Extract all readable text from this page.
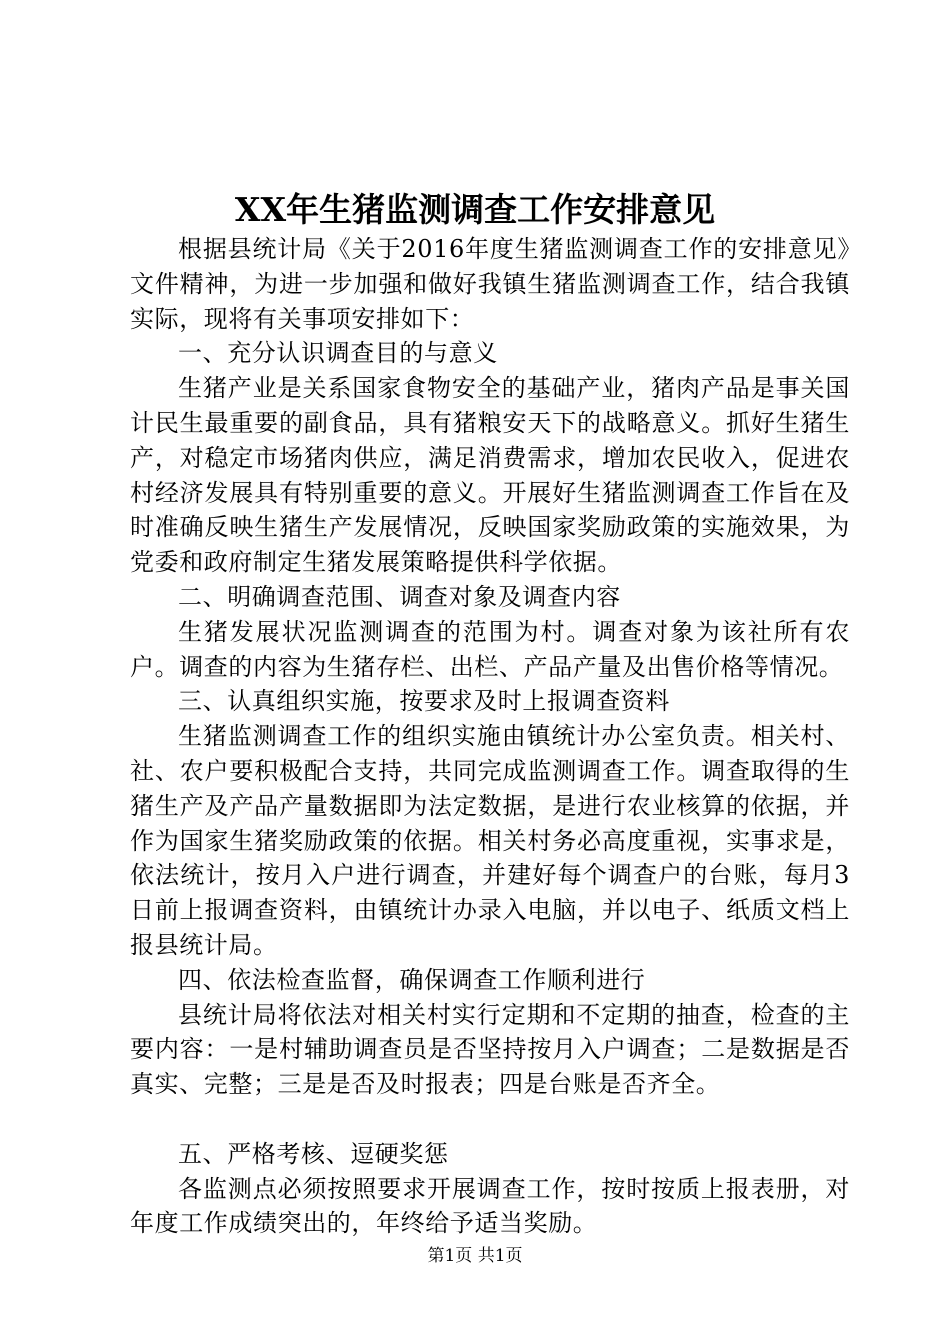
XX年生猪监测调查工作安排意见

根据县统计局《关于2016年度生猪监测调查工作的安排意见》文件精神，为进一步加强和做好我镇生猪监测调查工作，结合我镇实际，现将有关事项安排如下：

一、充分认识调查目的与意义

生猪产业是关系国家食物安全的基础产业，猪肉产品是事关国计民生最重要的副食品，具有猪粮安天下的战略意义。抓好生猪生产，对稳定市场猪肉供应，满足消费需求，增加农民收入，促进农村经济发展具有特别重要的意义。开展好生猪监测调查工作旨在及时准确反映生猪生产发展情况，反映国家奖励政策的实施效果，为党委和政府制定生猪发展策略提供科学依据。

二、明确调查范围、调查对象及调查内容

生猪发展状况监测调查的范围为村。调查对象为该社所有农户。调查的内容为生猪存栏、出栏、产品产量及出售价格等情况。

三、认真组织实施，按要求及时上报调查资料

生猪监测调查工作的组织实施由镇统计办公室负责。相关村、社、农户要积极配合支持，共同完成监测调查工作。调查取得的生猪生产及产品产量数据即为法定数据，是进行农业核算的依据，并作为国家生猪奖励政策的依据。相关村务必高度重视，实事求是，依法统计，按月入户进行调查，并建好每个调查户的台账，每月3日前上报调查资料，由镇统计办录入电脑，并以电子、纸质文档上报县统计局。

四、依法检查监督，确保调查工作顺利进行

县统计局将依法对相关村实行定期和不定期的抽查，检查的主要内容：一是村辅助调查员是否坚持按月入户调查；二是数据是否真实、完整；三是是否及时报表；四是台账是否齐全。

五、严格考核、逗硬奖惩

各监测点必须按照要求开展调查工作，按时按质上报表册，对年度工作成绩突出的，年终给予适当奖励。

第1页 共1页
